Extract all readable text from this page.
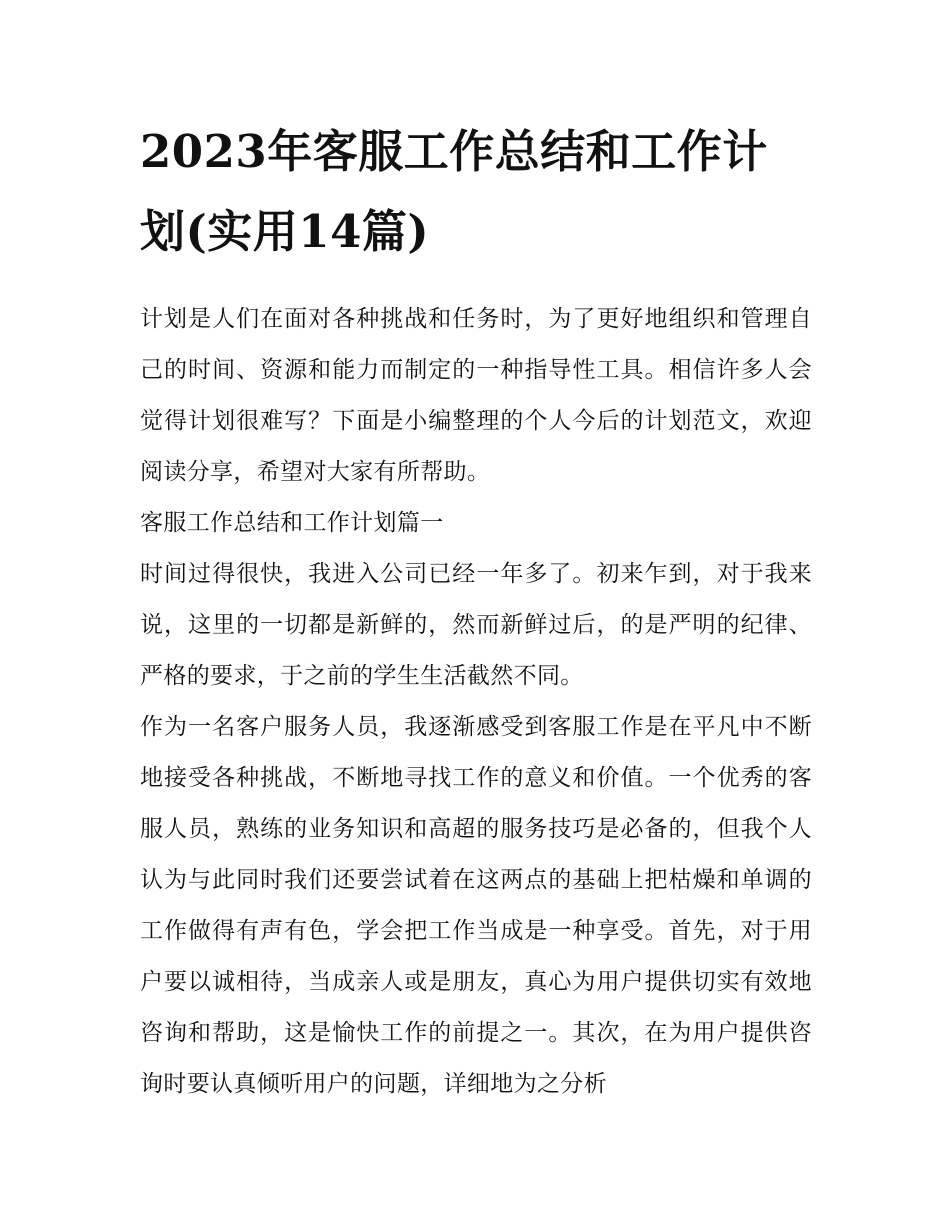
2023年客服工作总结和工作计划(实用14篇)

计划是人们在面对各种挑战和任务时，为了更好地组织和管理自己的时间、资源和能力而制定的一种指导性工具。相信许多人会觉得计划很难写？下面是小编整理的个人今后的计划范文，欢迎阅读分享，希望对大家有所帮助。

客服工作总结和工作计划篇一

时间过得很快，我进入公司已经一年多了。初来乍到，对于我来说，这里的一切都是新鲜的，然而新鲜过后，的是严明的纪律、严格的要求，于之前的学生生活截然不同。

作为一名客户服务人员，我逐渐感受到客服工作是在平凡中不断地接受各种挑战，不断地寻找工作的意义和价值。一个优秀的客服人员，熟练的业务知识和高超的服务技巧是必备的，但我个人认为与此同时我们还要尝试着在这两点的基础上把枯燥和单调的工作做得有声有色，学会把工作当成是一种享受。首先，对于用户要以诚相待，当成亲人或是朋友，真心为用户提供切实有效地咨询和帮助，这是愉快工作的前提之一。其次，在为用户提供咨询时要认真倾听用户的问题，详细地为之分析
